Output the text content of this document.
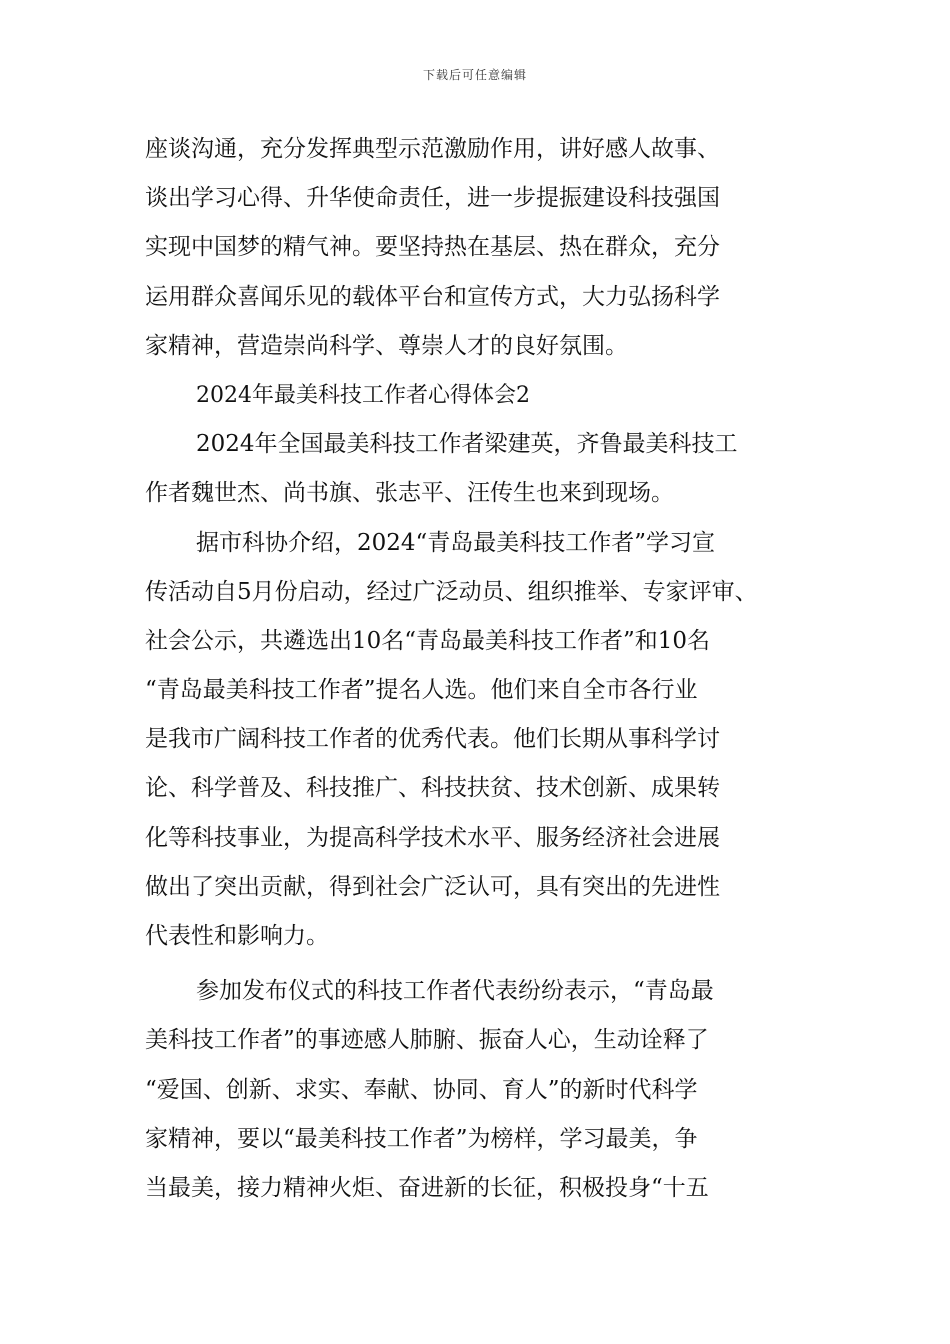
下载后可任意编辑
座谈沟通，充分发挥典型示范激励作用，讲好感人故事、
谈出学习心得、升华使命责任，进一步提振建设科技强国
实现中国梦的精气神。要坚持热在基层、热在群众，充分
运用群众喜闻乐见的载体平台和宣传方式，大力弘扬科学
家精神，营造崇尚科学、尊崇人才的良好氛围。
2024年最美科技工作者心得体会2
2024年全国最美科技工作者梁建英，齐鲁最美科技工
作者魏世杰、尚书旗、张志平、汪传生也来到现场。
据市科协介绍，2024“青岛最美科技工作者”学习宣
传活动自5月份启动，经过广泛动员、组织推举、专家评审、
社会公示，共遴选出10名“青岛最美科技工作者”和10名
“青岛最美科技工作者”提名人选。他们来自全市各行业
是我市广阔科技工作者的优秀代表。他们长期从事科学讨
论、科学普及、科技推广、科技扶贫、技术创新、成果转
化等科技事业，为提高科学技术水平、服务经济社会进展
做出了突出贡献，得到社会广泛认可，具有突出的先进性
代表性和影响力。
参加发布仪式的科技工作者代表纷纷表示，“青岛最
美科技工作者”的事迹感人肺腑、振奋人心，生动诠释了
“爱国、创新、求实、奉献、协同、育人”的新时代科学
家精神，要以“最美科技工作者”为榜样，学习最美，争
当最美，接力精神火炬、奋进新的长征，积极投身“十五
